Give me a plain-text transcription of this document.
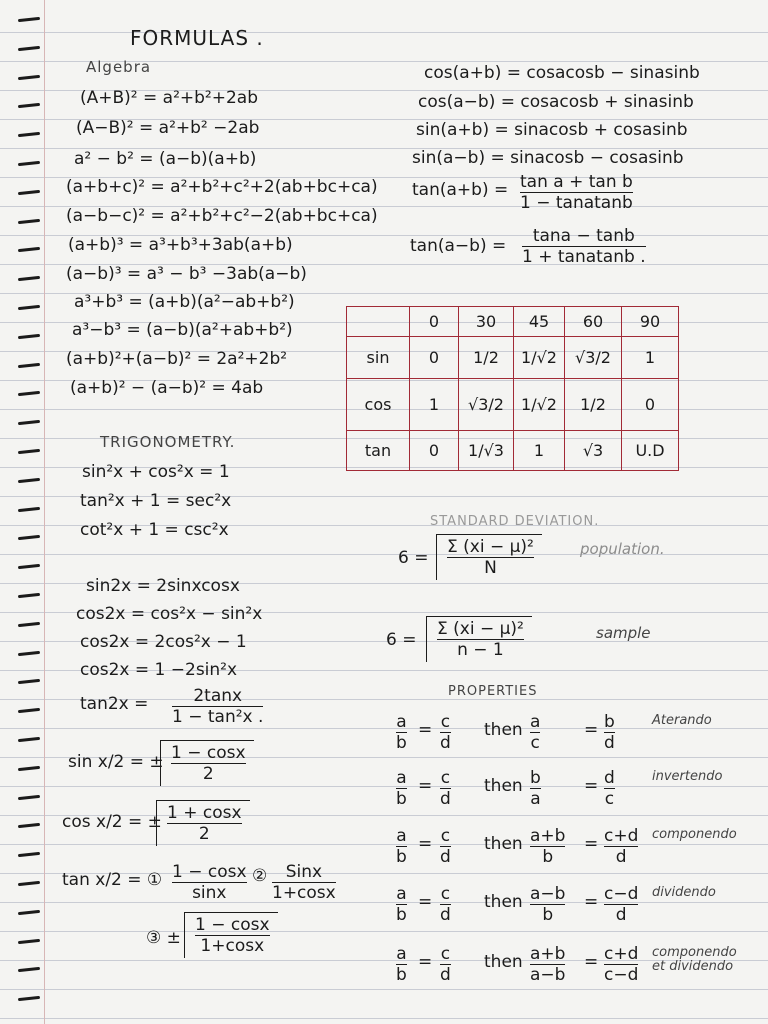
FORMULAS .
Algebra
(A+B)² = a²+b²+2ab
(A−B)² = a²+b² −2ab
a² − b² = (a−b)(a+b)
(a+b+c)² = a²+b²+c²+2(ab+bc+ca)
(a−b−c)² = a²+b²+c²−2(ab+bc+ca)
(a+b)³ = a³+b³+3ab(a+b)
(a−b)³ = a³ − b³ −3ab(a−b)
a³+b³ = (a+b)(a²−ab+b²)
a³−b³ = (a−b)(a²+ab+b²)
(a+b)²+(a−b)² = 2a²+2b²
(a+b)² − (a−b)² = 4ab
cos(a+b) = cosacosb − sinasinb
cos(a−b) = cosacosb + sinasinb
sin(a+b) = sinacosb + cosasinb
sin(a−b) = sinacosb − cosasinb
tan(a+b) = tan a + tan b
1 − tanatanb
tan(a−b) = tana − tanb
1 + tanatanb .
	0	30	45	60	90
sin	0	1/2	1/√2	√3/2	1
cos	1	√3/2	1/√2	1/2	0
tan	0	1/√3	1	√3	U.D
TRIGONOMETRY.
sin²x + cos²x = 1
tan²x + 1 = sec²x
cot²x + 1 = csc²x
sin2x = 2sinxcosx
cos2x = cos²x − sin²x
cos2x = 2cos²x − 1
cos2x = 1 −2sin²x
tan2x =	2tanx
1 − tan²x .
sin x/2 = ± $\frac{1 - \cos x}{2}$
cos x/2 = ± $\frac{1 + \cos x}{2}$
tan x/2 = ① 1 − cosx
sinx
② Sinx
1+cosx
③ ± $\frac{1 - \cos x}{1+\cos x}$
STANDARD DEVIATION.
$6 = \frac{\text{Σ (xi − μ)²}}{N}$	population.
$6 = \frac{\text{Σ (xi − μ)²}}{n - 1}$	sample
PROPERTIES
a
b
= c
d
then a
c
= b
d
Aterando
a
b
= c
d
then b
a
= d
c
invertendo
a
b
= c
d
then a+b
b
= c+d
d
componendo
a
b
= c
d
then a−b
b
= c−d
d
dividendo
a
b
= c
d
then a+b
a−b
= c+d
c−d
componendo et dividendo
